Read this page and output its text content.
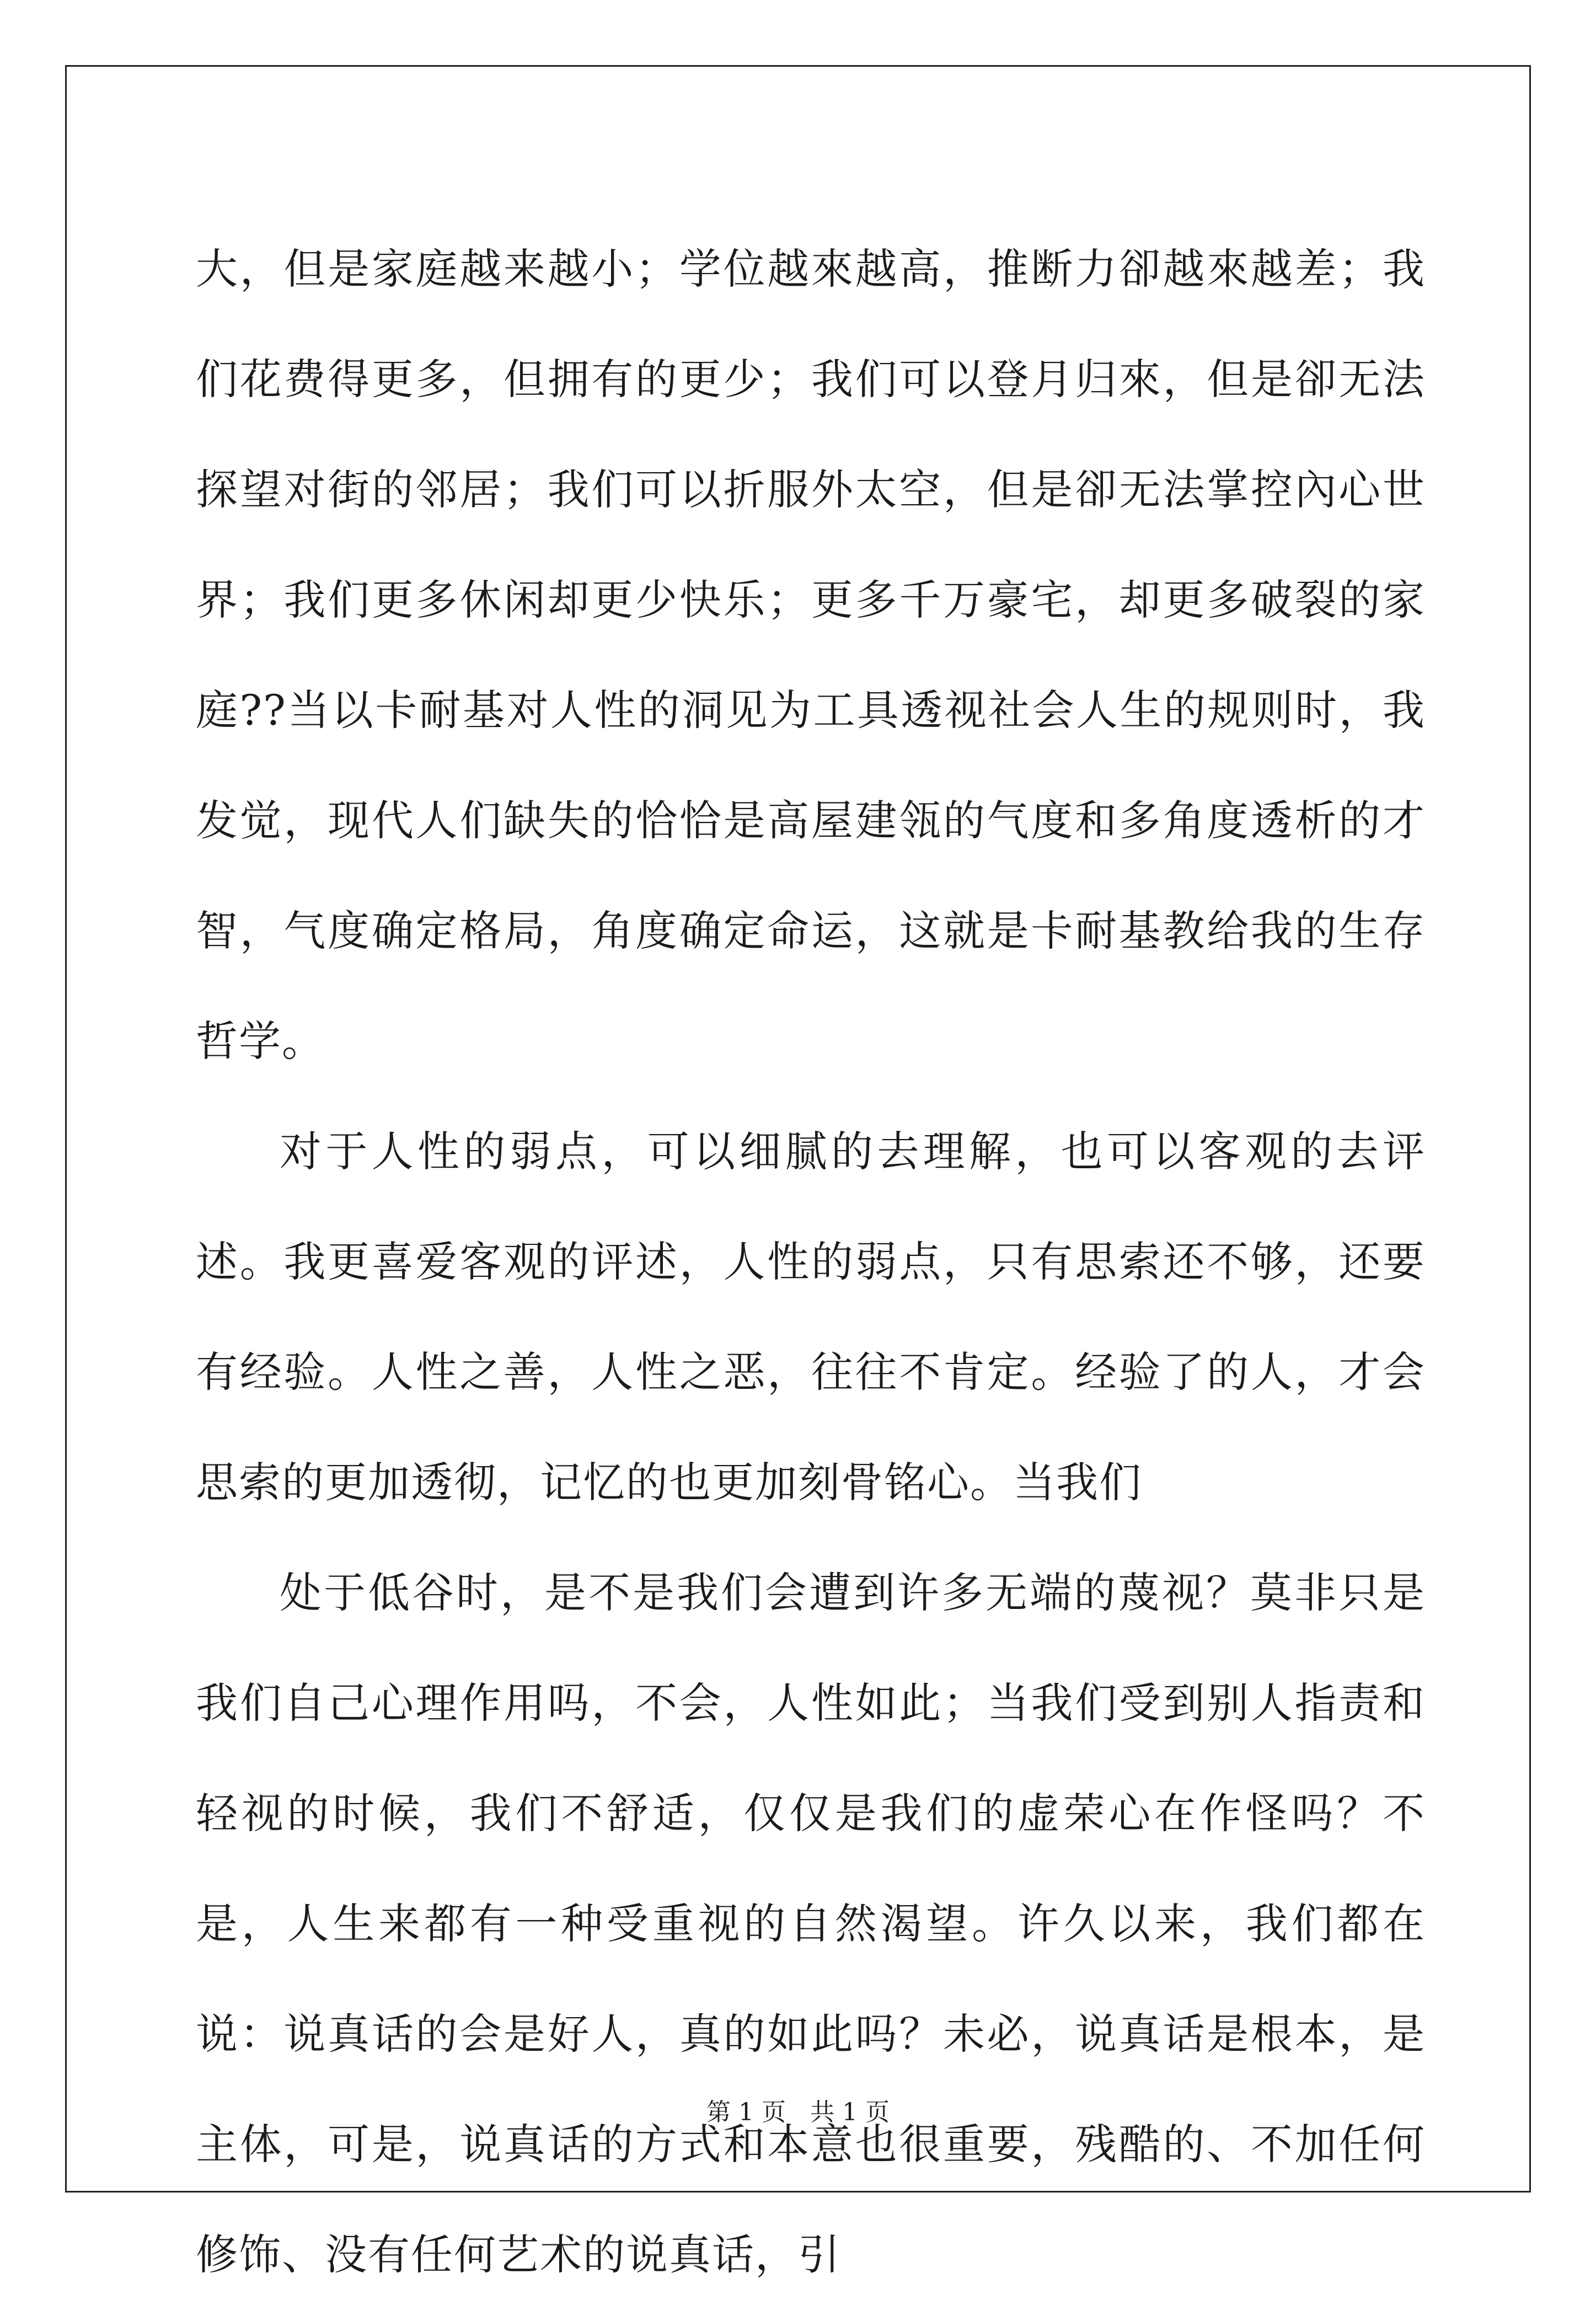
大，但是家庭越来越小；学位越來越高，推断力卻越來越差；我们花费得更多，但拥有的更少；我们可以登月归來，但是卻无法探望对街的邻居；我们可以折服外太空，但是卻无法掌控內心世界；我们更多休闲却更少快乐；更多千万豪宅，却更多破裂的家庭??当以卡耐基对人性的洞见为工具透视社会人生的规则时，我发觉，现代人们缺失的恰恰是高屋建瓴的气度和多角度透析的才智，气度确定格局，角度确定命运，这就是卡耐基教给我的生存哲学。

对于人性的弱点，可以细腻的去理解，也可以客观的去评述。我更喜爱客观的评述，人性的弱点，只有思索还不够，还要有经验。人性之善，人性之恶，往往不肯定。经验了的人，才会思索的更加透彻，记忆的也更加刻骨铭心。当我们

处于低谷时，是不是我们会遭到许多无端的蔑视？莫非只是我们自己心理作用吗，不会，人性如此；当我们受到别人指责和轻视的时候，我们不舒适，仅仅是我们的虚荣心在作怪吗？不是，人生来都有一种受重视的自然渴望。许久以来，我们都在说：说真话的会是好人，真的如此吗？未必，说真话是根本，是主体，可是，说真话的方式和本意也很重要，残酷的、不加任何修饰、没有任何艺术的说真话，引

第 1 页　共 1 页
